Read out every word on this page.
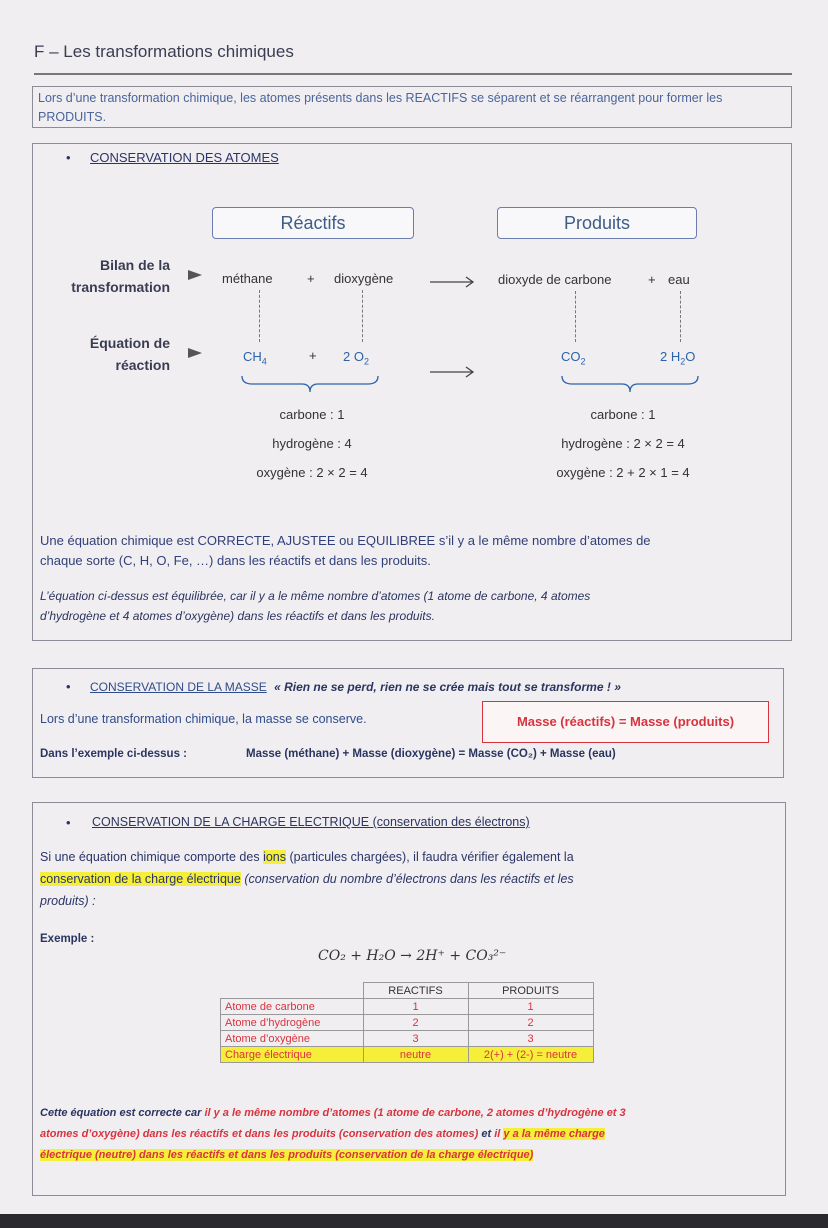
F – Les transformations chimiques
Lors d’une transformation chimique, les atomes présents dans les REACTIFS se séparent et se réarrangent pour former les PRODUITS.
• CONSERVATION DES ATOMES
Réactifs	Produits
Bilan de la
transformation
Équation de
réaction
méthane	+ dioxygène	dioxyde de carbone	+ eau
$CH_4$	+ 2 $O_2$	$CO_2$	2 $H_2O$
carbone : 1
hydrogène : 4
oxygène : 2 × 2 = 4
carbone : 1
hydrogène : 2 × 2 = 4
oxygène : 2 + 2 × 1 = 4
Une équation chimique est CORRECTE, AJUSTEE ou EQUILIBREE s’il y a le même nombre d’atomes de
chaque sorte (C, H, O, Fe, …) dans les réactifs et dans les produits.
L’équation ci-dessus est équilibrée, car il y a le même nombre d’atomes (1 atome de carbone, 4 atomes
d’hydrogène et 4 atomes d’oxygène) dans les réactifs et dans les produits.
• CONSERVATION DE LA MASSE « Rien ne se perd, rien ne se crée mais tout se transforme ! »
Lors d’une transformation chimique, la masse se conserve.	Masse (réactifs) = Masse (produits)
Dans l’exemple ci-dessus :	Masse (méthane) + Masse (dioxygène) = Masse (CO₂) + Masse (eau)
• CONSERVATION DE LA CHARGE ELECTRIQUE (conservation des électrons)
Si une équation chimique comporte des ions (particules chargées), il faudra vérifier également la
conservation de la charge électrique (conservation du nombre d’électrons dans les réactifs et les
produits) :
Exemple :
CO₂ + H₂O → 2H⁺ + CO₃²⁻
	REACTIFS	PRODUITS
Atome de carbone	1	1
Atome d’hydrogène	2	2
Atome d’oxygène	3	3
Charge électrique	neutre	2(+) + (2-) = neutre
Cette équation est correcte car il y a le même nombre d’atomes (1 atome de carbone, 2 atomes d’hydrogène et 3
atomes d’oxygène) dans les réactifs et dans les produits (conservation des atomes) et il y a la même charge
électrique (neutre) dans les réactifs et dans les produits (conservation de la charge électrique)
